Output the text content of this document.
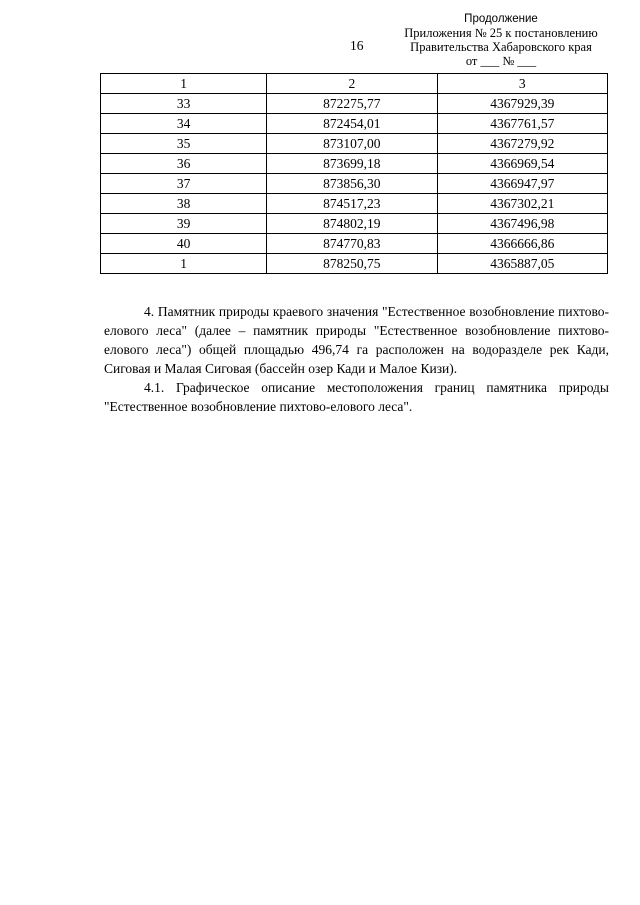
16
Продолжение
Приложения № 25 к постановлению
Правительства Хабаровского края
от ___ № ___
1	2	3
33	872275,77	4367929,39
34	872454,01	4367761,57
35	873107,00	4367279,92
36	873699,18	4366969,54
37	873856,30	4366947,97
38	874517,23	4367302,21
39	874802,19	4367496,98
40	874770,83	4366666,86
1	878250,75	4365887,05

4. Памятник природы краевого значения "Естественное возобновление пихтово-елового леса" (далее – памятник природы "Естественное возобновление пихтово-елового леса") общей площадью 496,74 га расположен на водоразделе рек Кади, Сиговая и Малая Сиговая (бассейн озер Кади и Малое Кизи).

4.1. Графическое описание местоположения границ памятника природы "Естественное возобновление пихтово-елового леса".
